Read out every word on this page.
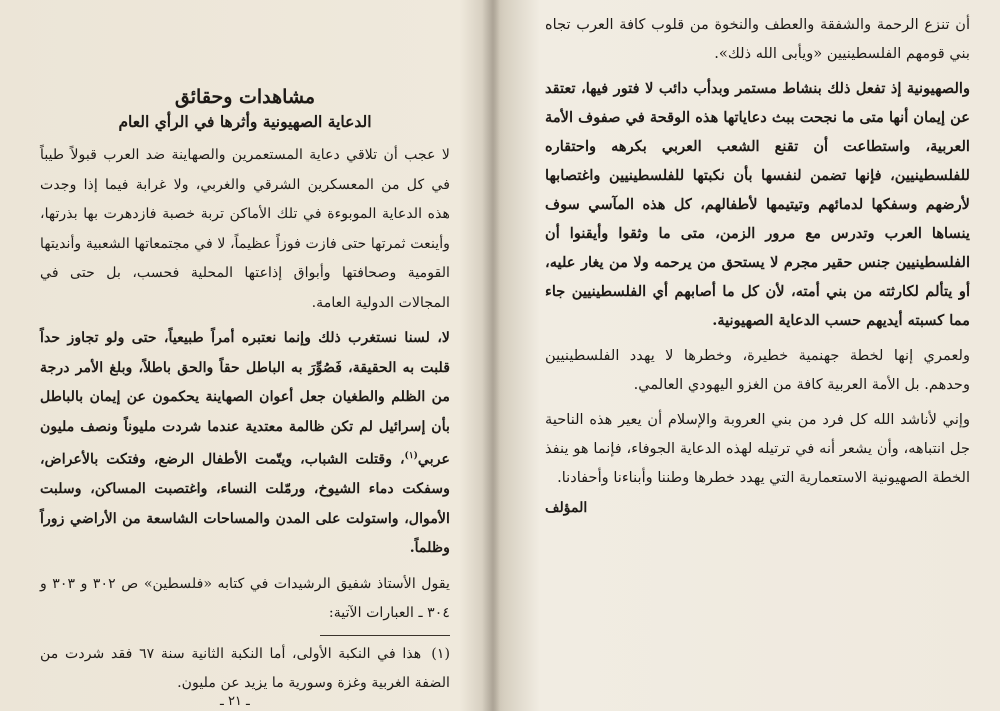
مشاهدات وحقائق
الدعاية الصهيونية وأثرها في الرأي العام

لا عجب أن تلاقي دعاية المستعمرين والصهاينة ضد العرب قبولاً طيباً في كل من المعسكرين الشرقي والغربي، ولا غرابة فيما إذا وجدت هذه الدعاية الموبوءة في تلك الأماكن تربة خصبة فازدهرت بها بذرتها، وأينعت ثمرتها حتى فازت فوزاً عظيماً، لا في مجتمعاتها الشعبية وأنديتها القومية وصحافتها وأبواق إذاعتها المحلية فحسب، بل حتى في المجالات الدولية العامة.

لا، لسنا نستغرب ذلك وإنما نعتبره أمراً طبيعياً، حتى ولو تجاوز حداً قلبت به الحقيقة، فَصُوِّرَ به الباطل حقاً والحق باطلاً، وبلغ الأمر درجة من الظلم والطغيان جعل أعوان الصهاينة يحكمون عن إيمان بالباطل بأن إسرائيل لم تكن ظالمة معتدية عندما شردت مليوناً ونصف مليون عربي$^{(١)}$، وقتلت الشباب، ويتّمت الأطفال الرضع، وفتكت بالأعراض، وسفكت دماء الشيوخ، ورمّلت النساء، واغتصبت المساكن، وسلبت الأموال، واستولت على المدن والمساحات الشاسعة من الأراضي زوراً وظلماً.

يقول الأستاذ شفيق الرشيدات في كتابه «فلسطين» ص ٣٠٢ و ٣٠٣ و ٣٠٤ ـ العبارات الآتية:

(١)هذا في النكبة الأولى، أما النكبة الثانية سنة ٦٧ فقد شردت من الضفة الغربية وغزة وسورية ما يزيد عن مليون.

ـ ٢١ ـ

أن تنزع الرحمة والشفقة والعطف والنخوة من قلوب كافة العرب تجاه بني قومهم الفلسطينيين «ويأبى الله ذلك».

والصهيونية إذ تفعل ذلك بنشاط مستمر وبدأب دائب لا فتور فيها، تعتقد عن إيمان أنها متى ما نجحت ببث دعاياتها هذه الوقحة في صفوف الأمة العربية، واستطاعت أن تقنع الشعب العربي بكرهه واحتقاره للفلسطينيين، فإنها تضمن لنفسها بأن نكبتها للفلسطينيين واغتصابها لأرضهم وسفكها لدمائهم وتيتيمها لأطفالهم، كل هذه المآسي سوف ينساها العرب وتدرس مع مرور الزمن، متى ما وثقوا وأيقنوا أن الفلسطينيين جنس حقير مجرم لا يستحق من يرحمه ولا من يغار عليه، أو يتألم لكارثته من بني أمته، لأن كل ما أصابهم أي الفلسطينيين جاء مما كسبته أيديهم حسب الدعاية الصهيونية.

ولعمري إنها لخطة جهنمية خطيرة، وخطرها لا يهدد الفلسطينيين وحدهم. بل الأمة العربية كافة من الغزو اليهودي العالمي.

وإني لأناشد الله كل فرد من بني العروبة والإسلام أن يعير هذه الناحية جل انتباهه، وأن يشعر أنه في ترتيله لهذه الدعاية الجوفاء، فإنما هو ينفذ الخطة الصهيونية الاستعمارية التي يهدد خطرها وطننا وأبناءنا وأحفادنا.

المؤلف
